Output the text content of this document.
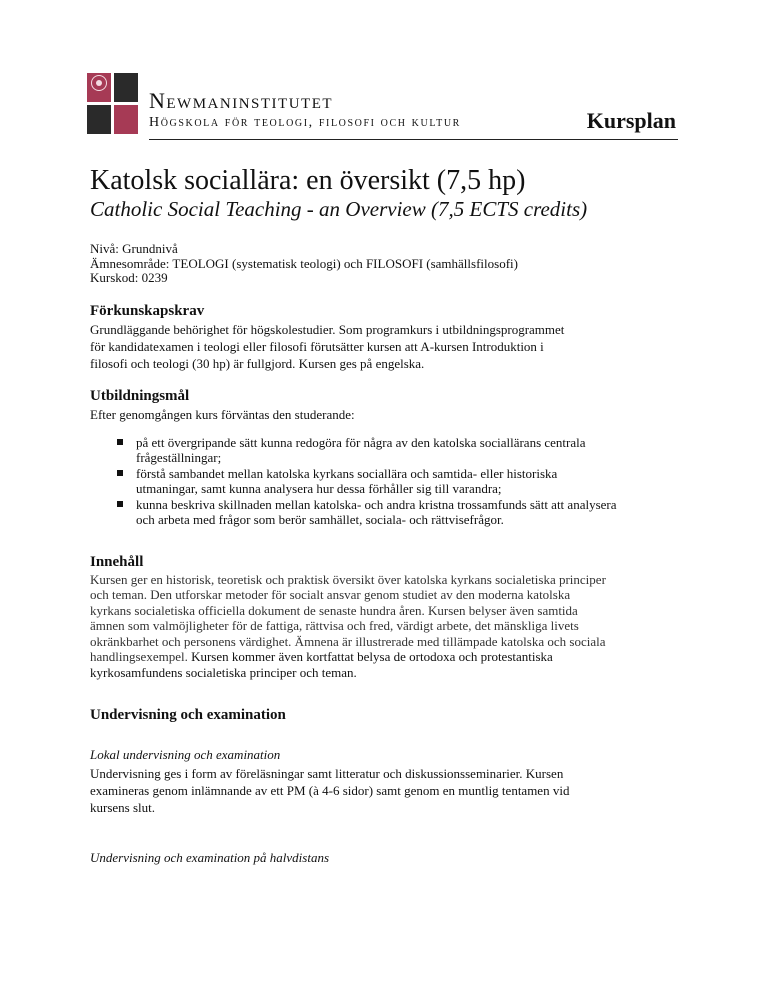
Newmaninstitutet
Högskola för teologi, filosofi och kultur	Kursplan
Katolsk sociallära: en översikt (7,5 hp)
Catholic Social Teaching - an Overview (7,5 ECTS credits)
Nivå: Grundnivå
Ämnesområde: TEOLOGI (systematisk teologi) och FILOSOFI (samhällsfilosofi)
Kurskod: 0239
Förkunskapskrav

Grundläggande behörighet för högskolestudier. Som programkurs i utbildningsprogrammet
för kandidatexamen i teologi eller filosofi förutsätter kursen att A-kursen Introduktion i
filosofi och teologi (30 hp) är fullgjord. Kursen ges på engelska.

Utbildningsmål

Efter genomgången kurs förväntas den studerande:

på ett övergripande sätt kunna redogöra för några av den katolska sociallärans centrala
frågeställningar;
förstå sambandet mellan katolska kyrkans sociallära och samtida- eller historiska
utmaningar, samt kunna analysera hur dessa förhåller sig till varandra;
kunna beskriva skillnaden mellan katolska- och andra kristna trossamfunds sätt att analysera
och arbeta med frågor som berör samhället, sociala- och rättvisefrågor.
Innehåll

Kursen ger en historisk, teoretisk och praktisk översikt över katolska kyrkans socialetiska principer
och teman. Den utforskar metoder för socialt ansvar genom studiet av den moderna katolska
kyrkans socialetiska officiella dokument de senaste hundra åren. Kursen belyser även samtida
ämnen som valmöjligheter för de fattiga, rättvisa och fred, värdigt arbete, det mänskliga livets
okränkbarhet och personens värdighet. Ämnena är illustrerade med tillämpade katolska och sociala
handlingsexempel. Kursen kommer även kortfattat belysa de ortodoxa och protestantiska
kyrkosamfundens socialetiska principer och teman.

Undervisning och examination
Lokal undervisning och examination

Undervisning ges i form av föreläsningar samt litteratur och diskussionsseminarier. Kursen
examineras genom inlämnande av ett PM (à 4-6 sidor) samt genom en muntlig tentamen vid
kursens slut.

Undervisning och examination på halvdistans
